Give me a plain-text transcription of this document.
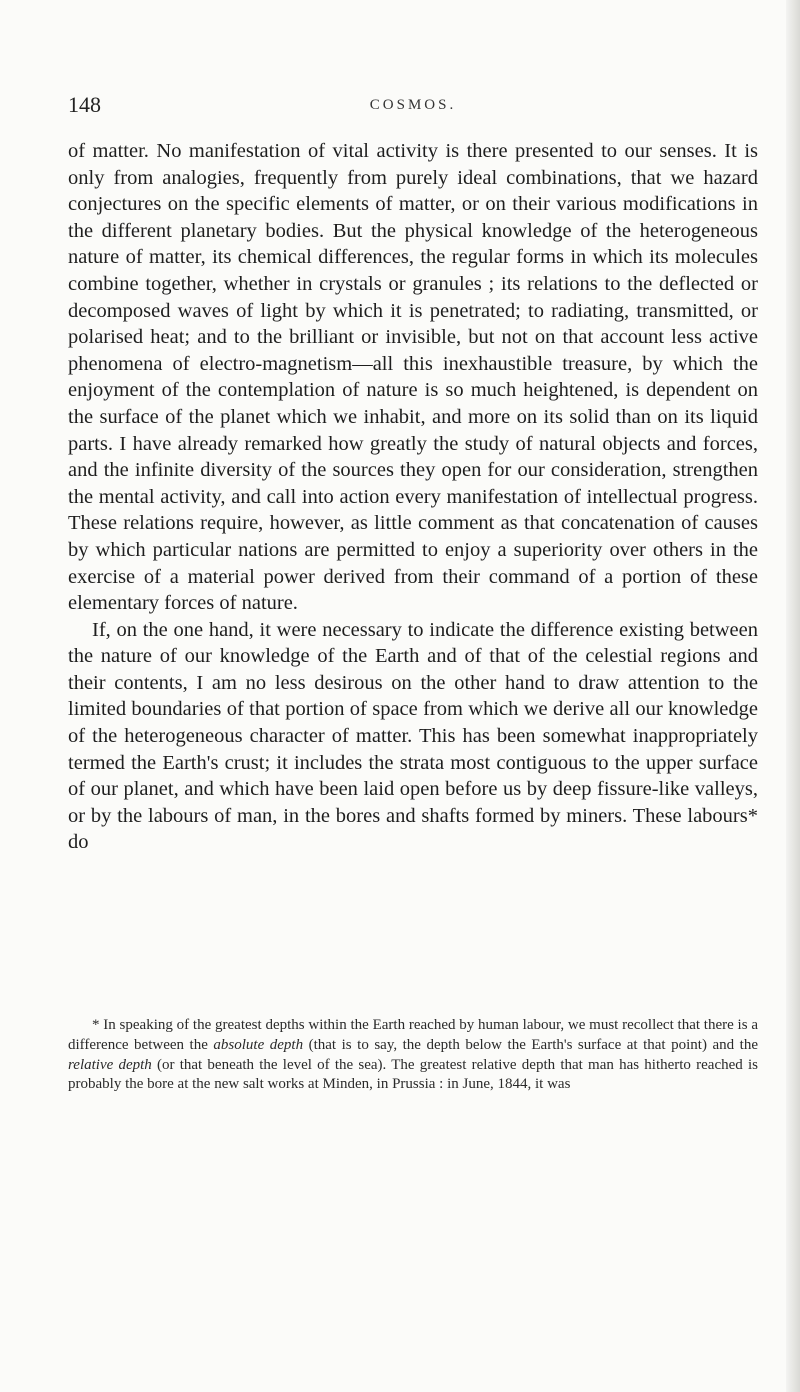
148	COSMOS.

of matter. No manifestation of vital activity is there presented to our senses. It is only from analogies, frequently from purely ideal combinations, that we hazard conjectures on the specific elements of matter, or on their various modifications in the different planetary bodies. But the physical knowledge of the heterogeneous nature of matter, its chemical differences, the regular forms in which its molecules combine together, whether in crystals or granules ; its relations to the deflected or decomposed waves of light by which it is penetrated; to radiating, transmitted, or polarised heat; and to the brilliant or invisible, but not on that account less active phenomena of electro-magnetism—all this inexhaustible treasure, by which the enjoyment of the contemplation of nature is so much heightened, is dependent on the surface of the planet which we inhabit, and more on its solid than on its liquid parts. I have already remarked how greatly the study of natural objects and forces, and the infinite diversity of the sources they open for our consideration, strengthen the mental activity, and call into action every manifestation of intellectual progress. These relations require, however, as little comment as that concatenation of causes by which particular nations are permitted to enjoy a superiority over others in the exercise of a material power derived from their command of a portion of these elementary forces of nature.

If, on the one hand, it were necessary to indicate the difference existing between the nature of our knowledge of the Earth and of that of the celestial regions and their contents, I am no less desirous on the other hand to draw attention to the limited boundaries of that portion of space from which we derive all our knowledge of the heterogeneous character of matter. This has been somewhat inappropriately termed the Earth's crust; it includes the strata most contiguous to the upper surface of our planet, and which have been laid open before us by deep fissure-like valleys, or by the labours of man, in the bores and shafts formed by miners. These labours* do

* In speaking of the greatest depths within the Earth reached by human labour, we must recollect that there is a difference between the absolute depth (that is to say, the depth below the Earth's surface at that point) and the relative depth (or that beneath the level of the sea). The greatest relative depth that man has hitherto reached is probably the bore at the new salt works at Minden, in Prussia : in June, 1844, it was
